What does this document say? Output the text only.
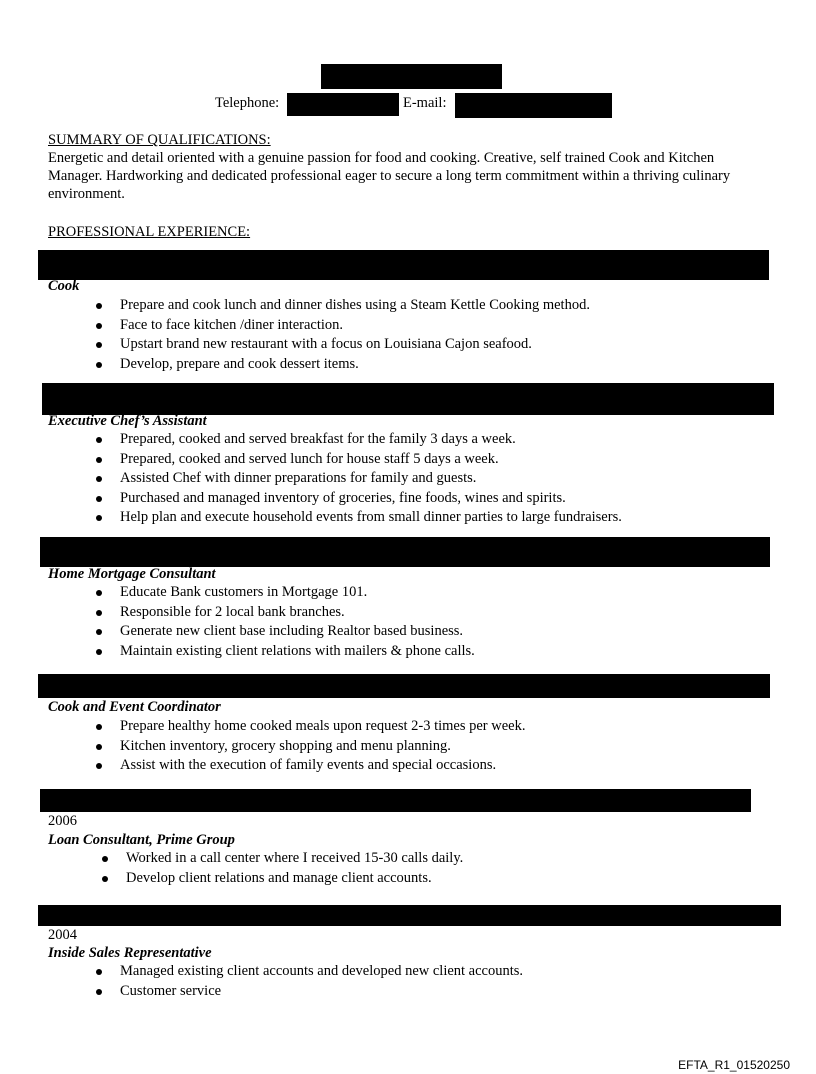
Telephone:	E-mail:
SUMMARY OF QUALIFICATIONS:
Energetic and detail oriented with a genuine passion for food and cooking. Creative, self trained Cook and Kitchen Manager. Hardworking and dedicated professional eager to secure a long term commitment within a thriving culinary environment.
PROFESSIONAL EXPERIENCE:
Cook
Prepare and cook lunch and dinner dishes using a Steam Kettle Cooking method.
Face to face kitchen /diner interaction.
Upstart brand new restaurant with a focus on Louisiana Cajon seafood.
Develop, prepare and cook dessert items.
Executive Chef’s Assistant
Prepared, cooked and served breakfast for the family 3 days a week.
Prepared, cooked and served lunch for house staff 5 days a week.
Assisted Chef with dinner preparations for family and guests.
Purchased and managed inventory of groceries, fine foods, wines and spirits.
Help plan and execute household events from small dinner parties to large fundraisers.
Home Mortgage Consultant
Educate Bank customers in Mortgage 101.
Responsible for 2 local bank branches.
Generate new client base including Realtor based business.
Maintain existing client relations with mailers & phone calls.
Cook and Event Coordinator
Prepare healthy home cooked meals upon request 2-3 times per week.
Kitchen inventory, grocery shopping and menu planning.
Assist with the execution of family events and special occasions.
2006
Loan Consultant, Prime Group
Worked in a call center where I received 15-30 calls daily.
Develop client relations and manage client accounts.
2004
Inside Sales Representative
Managed existing client accounts and developed new client accounts.
Customer service
EFTA_R1_01520250
